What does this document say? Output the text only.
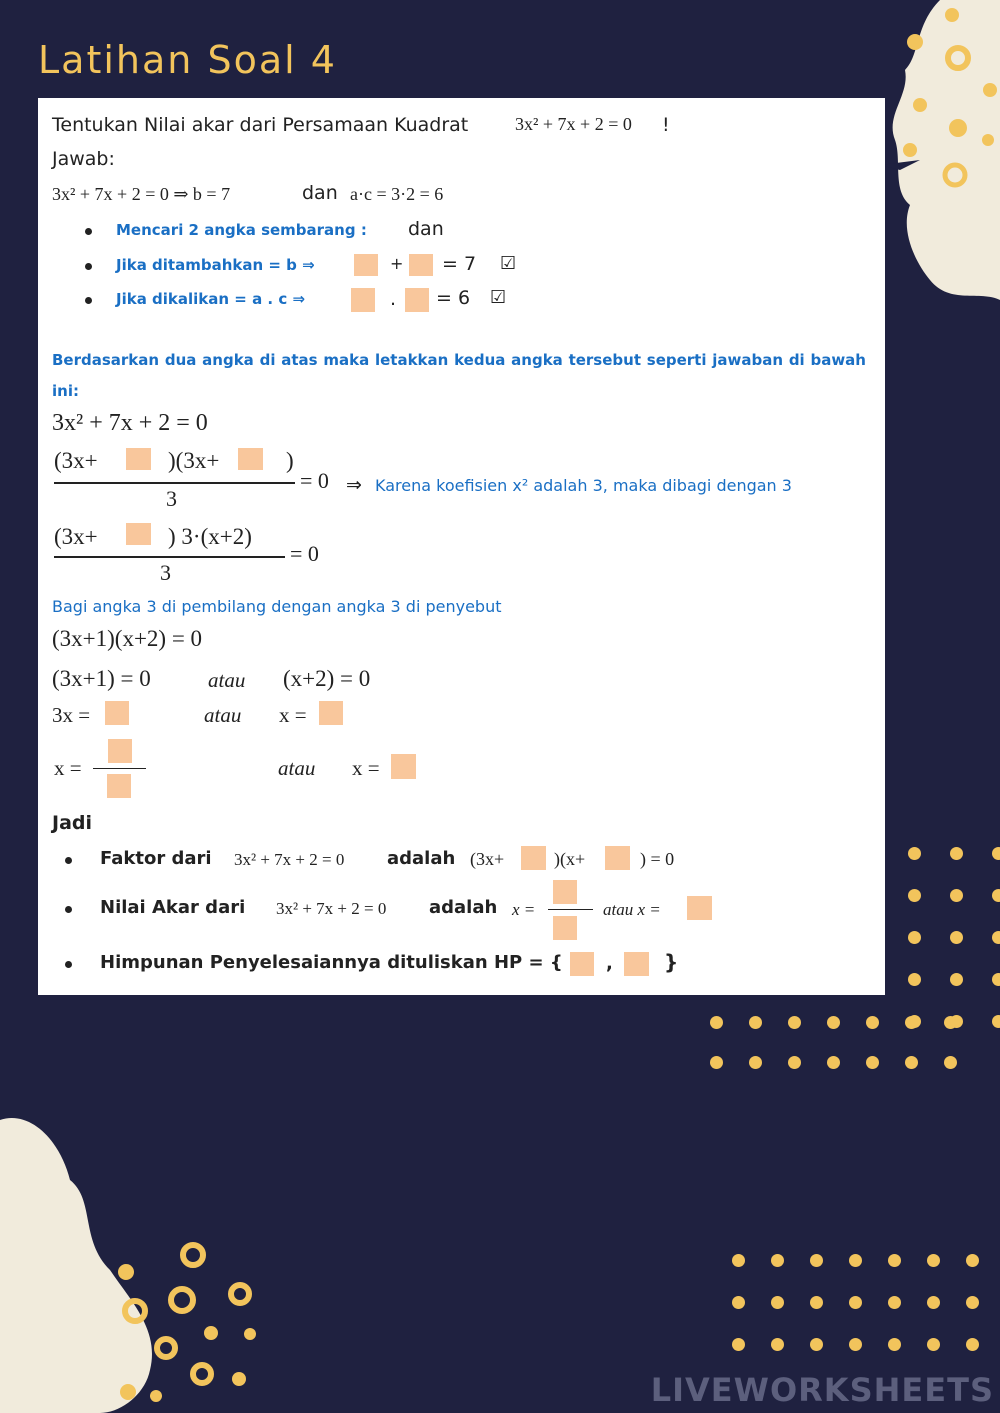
Latihan Soal 4
Tentukan Nilai akar dari Persamaan Kuadrat	3x² + 7x + 2 = 0 !
Jawab:
3x² + 7x + 2 = 0 ⇒ b = 7	dan a·c = 3·2 = 6
Mencari 2 angka sembarang : dan
Jika ditambahkan = b ⇒	+ = 7 ☑
Jika dikalikan = a . c ⇒	. = 6 ☑
Berdasarkan dua angka di atas maka letakkan kedua angka tersebut seperti jawaban di bawah ini:
3x² + 7x + 2 = 0
(3x+	)(3x+	)
3
= 0 ⇒ Karena koefisien x² adalah 3, maka dibagi dengan 3
(3x+	) 3·(x+2)
3
= 0
Bagi angka 3 di pembilang dengan angka 3 di penyebut
(3x+1)(x+2) = 0
(3x+1) = 0	atau (x+2) = 0
3x =	atau x =
x =	atau x =
Jadi
Faktor dari 3x² + 7x + 2 = 0 adalah (3x+	)(x+	) = 0
Nilai Akar dari 3x² + 7x + 2 = 0 adalah x =	atau x =
Himpunan Penyelesaiannya dituliskan HP = { ,	}
LIVEWORKSHEETS
